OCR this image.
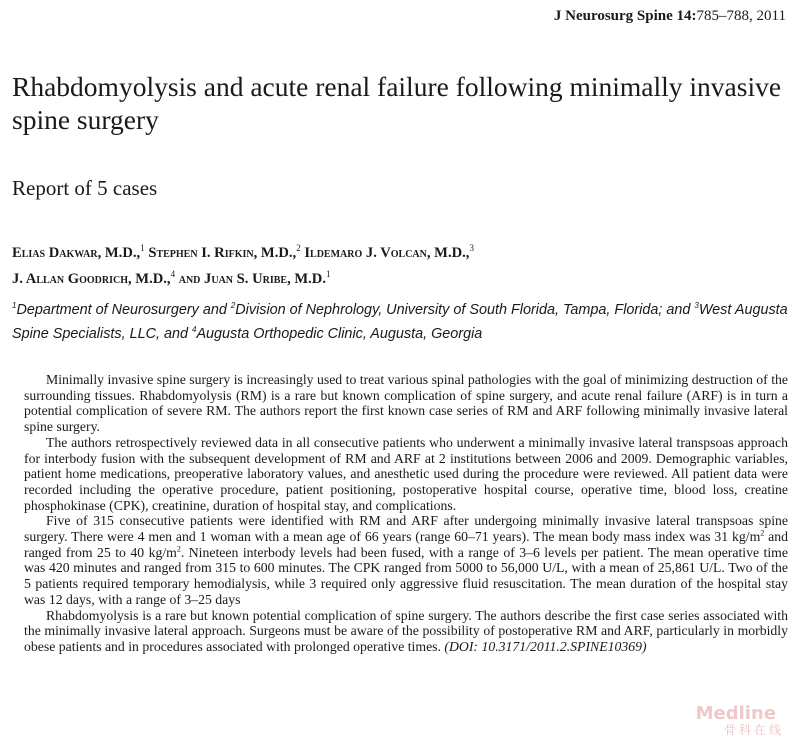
J Neurosurg Spine 14:785–788, 2011
Rhabdomyolysis and acute renal failure following minimally invasive spine surgery
Report of 5 cases
Elias Dakwar, M.D.,$^1$ Stephen I. Rifkin, M.D.,$^2$ Ildemaro J. Volcan, M.D.,$^3$
J. Allan Goodrich, M.D.,$^4$ and Juan S. Uribe, M.D.$^1$
$^1$Department of Neurosurgery and $^2$Division of Nephrology, University of South Florida, Tampa, Florida; and $^3$West Augusta Spine Specialists, LLC, and $^4$Augusta Orthopedic Clinic, Augusta, Georgia

Minimally invasive spine surgery is increasingly used to treat various spinal pathologies with the goal of minimizing destruction of the surrounding tissues. Rhabdomyolysis (RM) is a rare but known complication of spine surgery, and acute renal failure (ARF) is in turn a potential complication of severe RM. The authors report the first known case series of RM and ARF following minimally invasive lateral spine surgery.

The authors retrospectively reviewed data in all consecutive patients who underwent a minimally invasive lateral transpsoas approach for interbody fusion with the subsequent development of RM and ARF at 2 institutions between 2006 and 2009. Demographic variables, patient home medications, preoperative laboratory values, and anesthetic used during the procedure were reviewed. All patient data were recorded including the operative procedure, patient positioning, postoperative hospital course, operative time, blood loss, creatine phosphokinase (CPK), creatinine, duration of hospital stay, and complications.

Five of 315 consecutive patients were identified with RM and ARF after undergoing minimally invasive lateral transpsoas spine surgery. There were 4 men and 1 woman with a mean age of 66 years (range 60–71 years). The mean body mass index was 31 $kg/m^2$ and ranged from 25 to 40 $kg/m^2$. Nineteen interbody levels had been fused, with a range of 3–6 levels per patient. The mean operative time was 420 minutes and ranged from 315 to 600 minutes. The CPK ranged from 5000 to 56,000 U/L, with a mean of 25,861 U/L. Two of the 5 patients required temporary hemodialysis, while 3 required only aggressive fluid resuscitation. The mean duration of the hospital stay was 12 days, with a range of 3–25 days

Rhabdomyolysis is a rare but known potential complication of spine surgery. The authors describe the first case series associated with the minimally invasive lateral approach. Surgeons must be aware of the possibility of postoperative RM and ARF, particularly in morbidly obese patients and in procedures associated with prolonged operative times. (DOI: 10.3171/2011.2.SPINE10369)

Medline
骨科在线
